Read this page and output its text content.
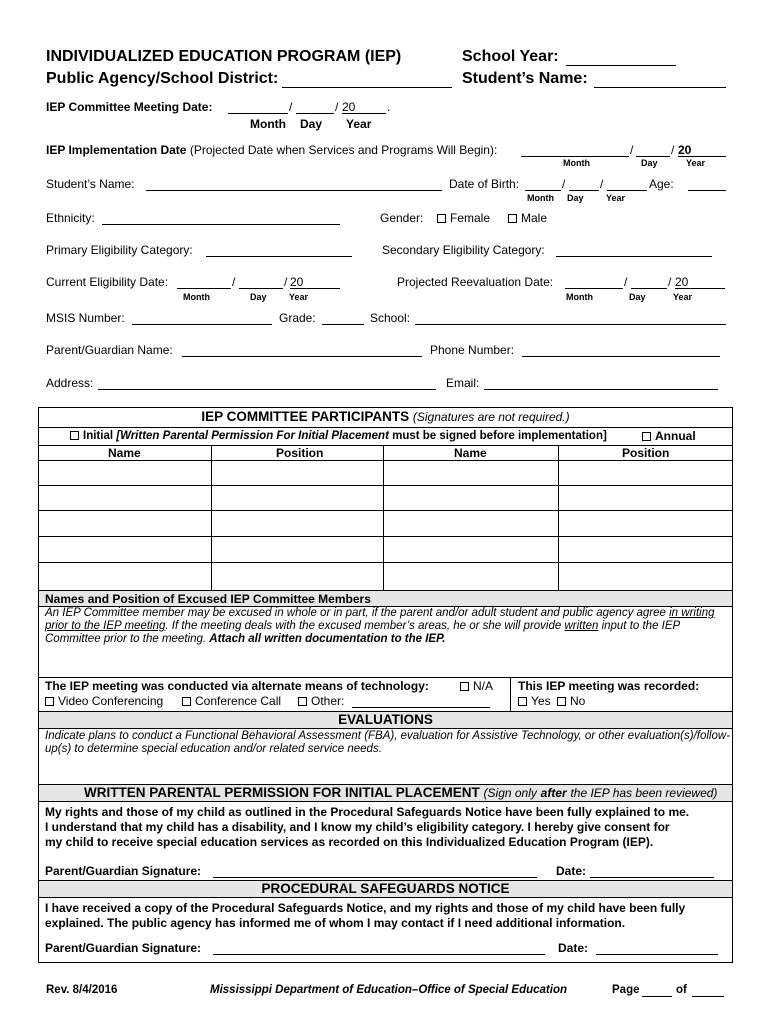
INDIVIDUALIZED EDUCATION PROGRAM (IEP)	School Year:
Public Agency/School District:	Student’s Name:
IEP Committee Meeting Date:	/	/ 20	.
Month Day Year
IEP Implementation Date (Projected Date when Services and Programs Will Begin):	/	/ 20
Month	Day	Year
Student’s Name:	Date of Birth:	/	/	Age:
Month Day Year
Ethnicity:	Gender:	Female	Male
Primary Eligibility Category:	Secondary Eligibility Category:
Current Eligibility Date:	/	/ 20
Month	Day Year
Projected Reevaluation Date:	/	/ 20
Month	Day	Year
MSIS Number:	Grade:	School:
Parent/Guardian Name:	Phone Number:
Address:	Email:
IEP COMMITTEE PARTICIPANTS (Signatures are not required.)
Initial [Written Parental Permission For Initial Placement must be signed before implementation]	Annual
Name	Position	Name	Position
Names and Position of Excused IEP Committee Members
An IEP Committee member may be excused in whole or in part, if the parent and/or adult student and public agency agree in writing
prior to the IEP meeting. If the meeting deals with the excused member’s areas, he or she will provide written input to the IEP
Committee prior to the meeting. Attach all written documentation to the IEP.
The IEP meeting was conducted via alternate means of technology:	N/A
Video Conferencing	Conference Call	Other:
This IEP meeting was recorded:
Yes	No
EVALUATIONS
Indicate plans to conduct a Functional Behavioral Assessment (FBA), evaluation for Assistive Technology, or other evaluation(s)/follow-
up(s) to determine special education and/or related service needs.
WRITTEN PARENTAL PERMISSION FOR INITIAL PLACEMENT (Sign only after the IEP has been reviewed)
My rights and those of my child as outlined in the Procedural Safeguards Notice have been fully explained to me.
I understand that my child has a disability, and I know my child’s eligibility category. I hereby give consent for
my child to receive special education services as recorded on this Individualized Education Program (IEP).
Parent/Guardian Signature:	Date:
PROCEDURAL SAFEGUARDS NOTICE
I have received a copy of the Procedural Safeguards Notice, and my rights and those of my child have been fully
explained. The public agency has informed me of whom I may contact if I need additional information.
Parent/Guardian Signature:	Date:
Rev. 8/4/2016	Mississippi Department of Education–Office of Special Education	Page	of
